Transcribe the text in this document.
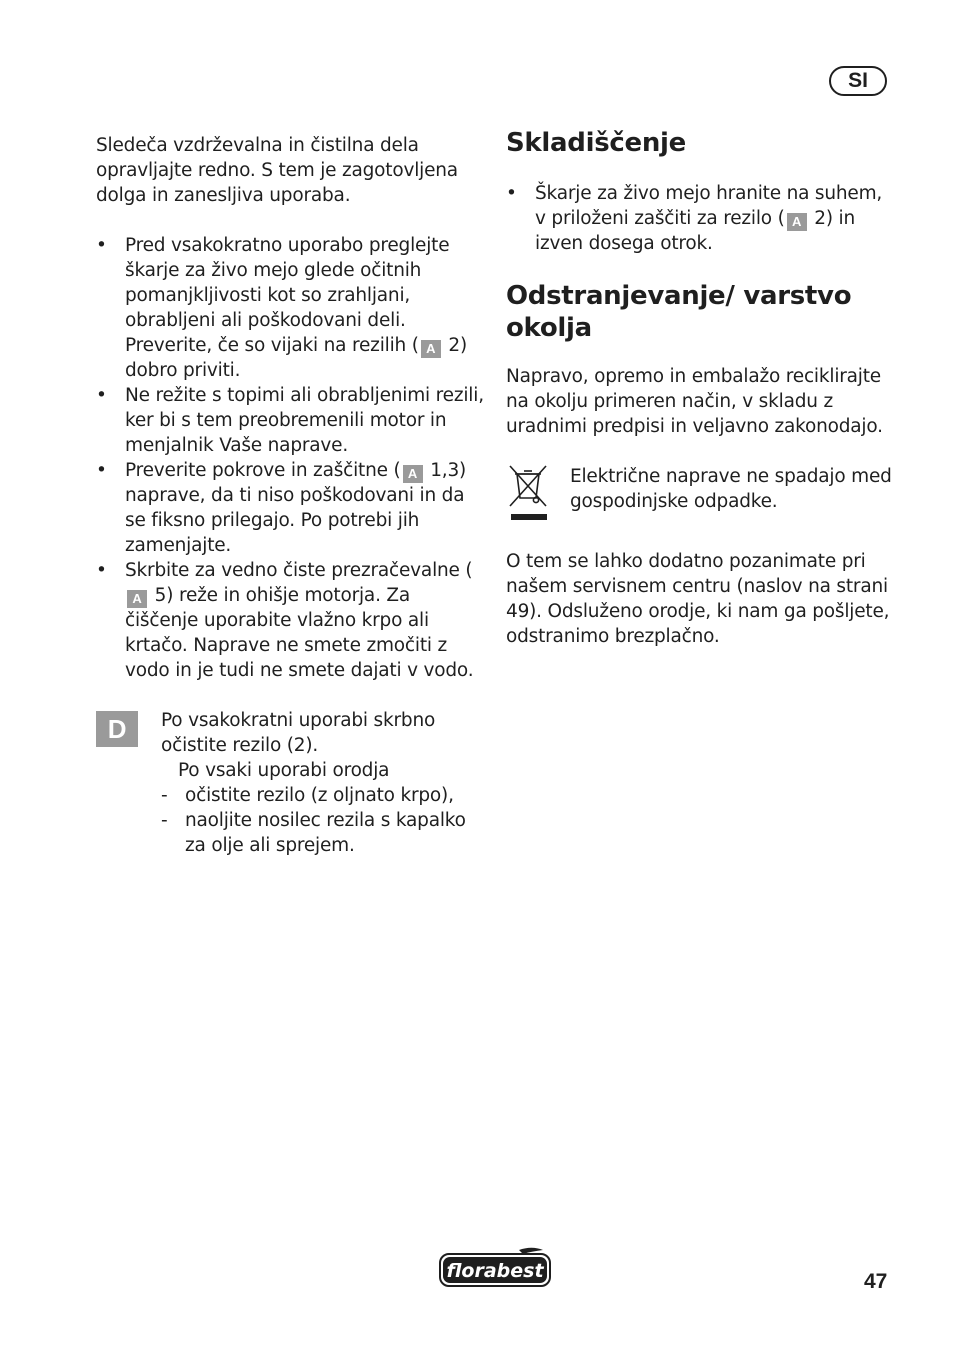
SI

Sledeča vzdrževalna in čistilna dela opravljajte redno. S tem je zagotovljena dolga in zanesljiva uporaba.

• Pred vsakokratno uporabo preglejte škarje za živo mejo glede očitnih pomanjkljivosti kot so zrahljani, obrabljeni ali poškodovani deli. Preverite, če so vijaki na rezilih ( A 2) dobro priviti.
• Ne režite s topimi ali obrabljenimi rezili, ker bi s tem preobremenili motor in menjalnik Vaše naprave.
• Preverite pokrove in zaščitne ( A 1,3) naprave, da ti niso poškodovani in da se fiksno prilegajo. Po potrebi jih zamenjajte.
• Skrbite za vedno čiste prezračevalne (A 5) reže in ohišje motorja. Za čiščenje uporabite vlažno krpo ali krtačo. Naprave ne smete zmočiti z vodo in je tudi ne smete dajati v vodo.
D	Po vsakokratni uporabi skrbno očistite rezilo (2).

Po vsaki uporabi orodja

- očistite rezilo (z oljnato krpo),
- naoljite nosilec rezila s kapalko za olje ali sprejem.
Skladiščenje
• Škarje za živo mejo hranite na suhem, v priloženi zaščiti za rezilo ( A 2) in izven dosega otrok.
Odstranjevanje/ varstvo okolja

Napravo, opremo in embalažo reciklirajte na okolju primeren način, v skladu z uradnimi predpisi in veljavno zakonodajo.

Električne naprave ne spadajo med gospodinjske odpadke.

O tem se lahko dodatno pozanimate pri našem servisnem centru (naslov na strani 49). Odsluženo orodje, ki nam ga pošljete, odstranimo brezplačno.

florabest	47
